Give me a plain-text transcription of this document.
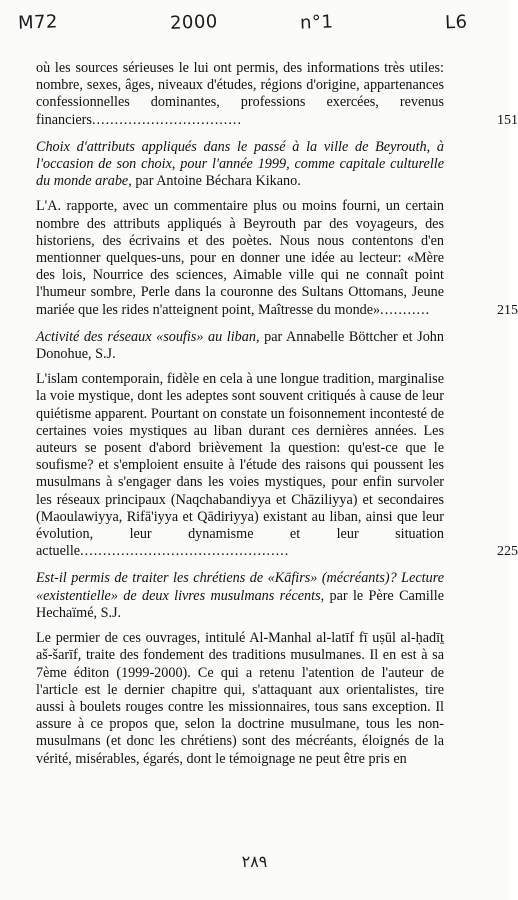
M72	2000	n°1	L6

où les sources sérieuses le lui ont permis, des informations très utiles: nombre, sexes, âges, niveaux d'études, régions d'origine, appartenances confessionnelles dominantes, professions exercées, revenus financiers.................................	151

Choix d'attributs appliqués dans le passé à la ville de Beyrouth, à l'occasion de son choix, pour l'année 1999, comme capitale culturelle du monde arabe, par Antoine Béchara Kikano.

L'A. rapporte, avec un commentaire plus ou moins fourni, un certain nombre des attributs appliqués à Beyrouth par des voyageurs, des historiens, des écrivains et des poètes. Nous nous contentons d'en mentionner quelques-uns, pour en donner une idée au lecteur: «Mère des lois, Nourrice des sciences, Aimable ville qui ne connaît point l'humeur sombre, Perle dans la couronne des Sultans Ottomans, Jeune mariée que les rides n'atteignent point, Maîtresse du monde»...........	215

Activité des réseaux «soufis» au liban, par Annabelle Böttcher et John Donohue, S.J.

L'islam contemporain, fidèle en cela à une longue tradition, marginalise la voie mystique, dont les adeptes sont souvent critiqués à cause de leur quiétisme apparent. Pourtant on constate un foisonnement incontesté de certaines voies mystiques au liban durant ces dernières années. Les auteurs se posent d'abord brièvement la question: qu'est-ce que le soufisme? et s'emploient ensuite à l'étude des raisons qui poussent les musulmans à s'engager dans les voies mystiques, pour enfin survoler les réseaux principaux (Naqchabandiyya et Chāziliyya) et secondaires (Maoulawiyya, Rifā'iyya et Qādiriyya) existant au liban, ainsi que leur évolution, leur dynamisme et leur situation actuelle..............................................	225

Est-il permis de traiter les chrétiens de «Kāfirs» (mécréants)? Lecture «existentielle» de deux livres musulmans récents, par le Père Camille Hechaïmé, S.J.

Le permier de ces ouvrages, intitulé Al-Manhal al-latīf fī uṣūl al-ḥadīṯ aš-šarīf, traite des fondement des traditions musulmanes. Il en est à sa 7ème éditon (1999-2000). Ce qui a retenu l'atention de l'auteur de l'article est le dernier chapitre qui, s'attaquant aux orientalistes, tire aussi à boulets rouges contre les missionnaires, tous sans exception. Il assure à ce propos que, selon la doctrine musulmane, tous les non-musulmans (et donc les chrétiens) sont des mécréants, éloignés de la vérité, misérables, égarés, dont le témoignage ne peut être pris en

٢٨٩
